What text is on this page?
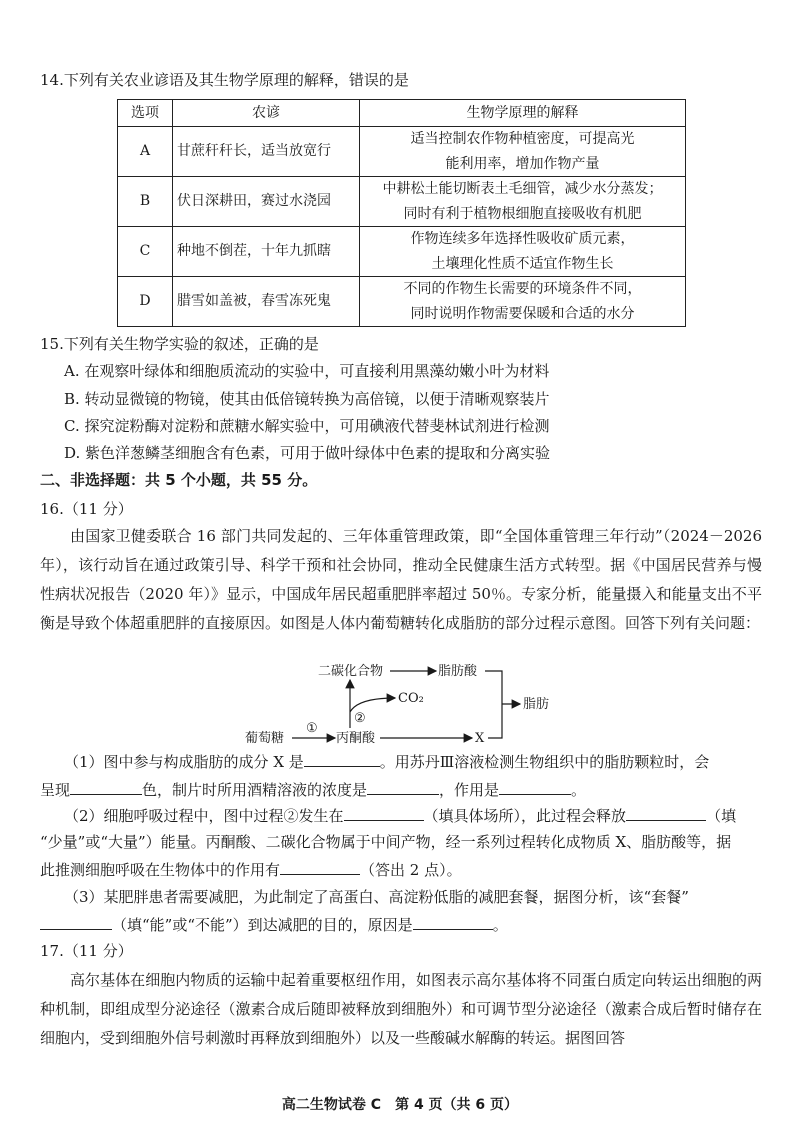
14.下列有关农业谚语及其生物学原理的解释，错误的是
选项	农谚	生物学原理的解释
A	甘蔗秆秆长，适当放宽行	适当控制农作物种植密度，可提高光
能利用率，增加作物产量

B	伏日深耕田，赛过水浇园	中耕松土能切断表土毛细管，减少水分蒸发；
同时有利于植物根细胞直接吸收有机肥

C	种地不倒茬，十年九抓瞎	作物连续多年选择性吸收矿质元素，
土壤理化性质不适宜作物生长

D	腊雪如盖被，春雪冻死鬼	不同的作物生长需要的环境条件不同，
同时说明作物需要保暖和合适的水分
15.下列有关生物学实验的叙述，正确的是
A. 在观察叶绿体和细胞质流动的实验中，可直接利用黑藻幼嫩小叶为材料
B. 转动显微镜的物镜，使其由低倍镜转换为高倍镜，以便于清晰观察装片
C. 探究淀粉酶对淀粉和蔗糖水解实验中，可用碘液代替斐林试剂进行检测
D. 紫色洋葱鳞茎细胞含有色素，可用于做叶绿体中色素的提取和分离实验
二、非选择题：共 5 个小题，共 55 分。
16.（11 分）
由国家卫健委联合 16 部门共同发起的、三年体重管理政策，即“全国体重管理三年行动”（2024－2026 年），该行动旨在通过政策引导、科学干预和社会协同，推动全民健康生活方式转型。据《中国居民营养与慢性病状况报告（2020 年）》显示，中国成年居民超重肥胖率超过 50％。专家分析，能量摄入和能量支出不平衡是导致个体超重肥胖的直接原因。如图是人体内葡萄糖转化成脂肪的部分过程示意图。回答下列有关问题：
葡萄糖
①
丙酮酸	X
②
CO₂
二碳化合物	脂肪酸
脂肪
（1）图中参与构成脂肪的成分 X 是	。用苏丹Ⅲ溶液检测生物组织中的脂肪颗粒时，会
呈现	色，制片时所用酒精溶液的浓度是	，作用是	。
（2）细胞呼吸过程中，图中过程②发生在	（填具体场所），此过程会释放	（填
“少量”或“大量”）能量。丙酮酸、二碳化合物属于中间产物，经一系列过程转化成物质 X、脂肪酸等，据
此推测细胞呼吸在生物体中的作用有	（答出 2 点）。
（3）某肥胖患者需要减肥，为此制定了高蛋白、高淀粉低脂的减肥套餐，据图分析，该“套餐”
（填“能”或“不能”）到达减肥的目的，原因是	。
17.（11 分）
高尔基体在细胞内物质的运输中起着重要枢纽作用，如图表示高尔基体将不同蛋白质定向转运出细胞的两种机制，即组成型分泌途径（激素合成后随即被释放到细胞外）和可调节型分泌途径（激素合成后暂时储存在细胞内，受到细胞外信号刺激时再释放到细胞外）以及一些酸碱水解酶的转运。据图回答
高二生物试卷 C　第 4 页（共 6 页）
